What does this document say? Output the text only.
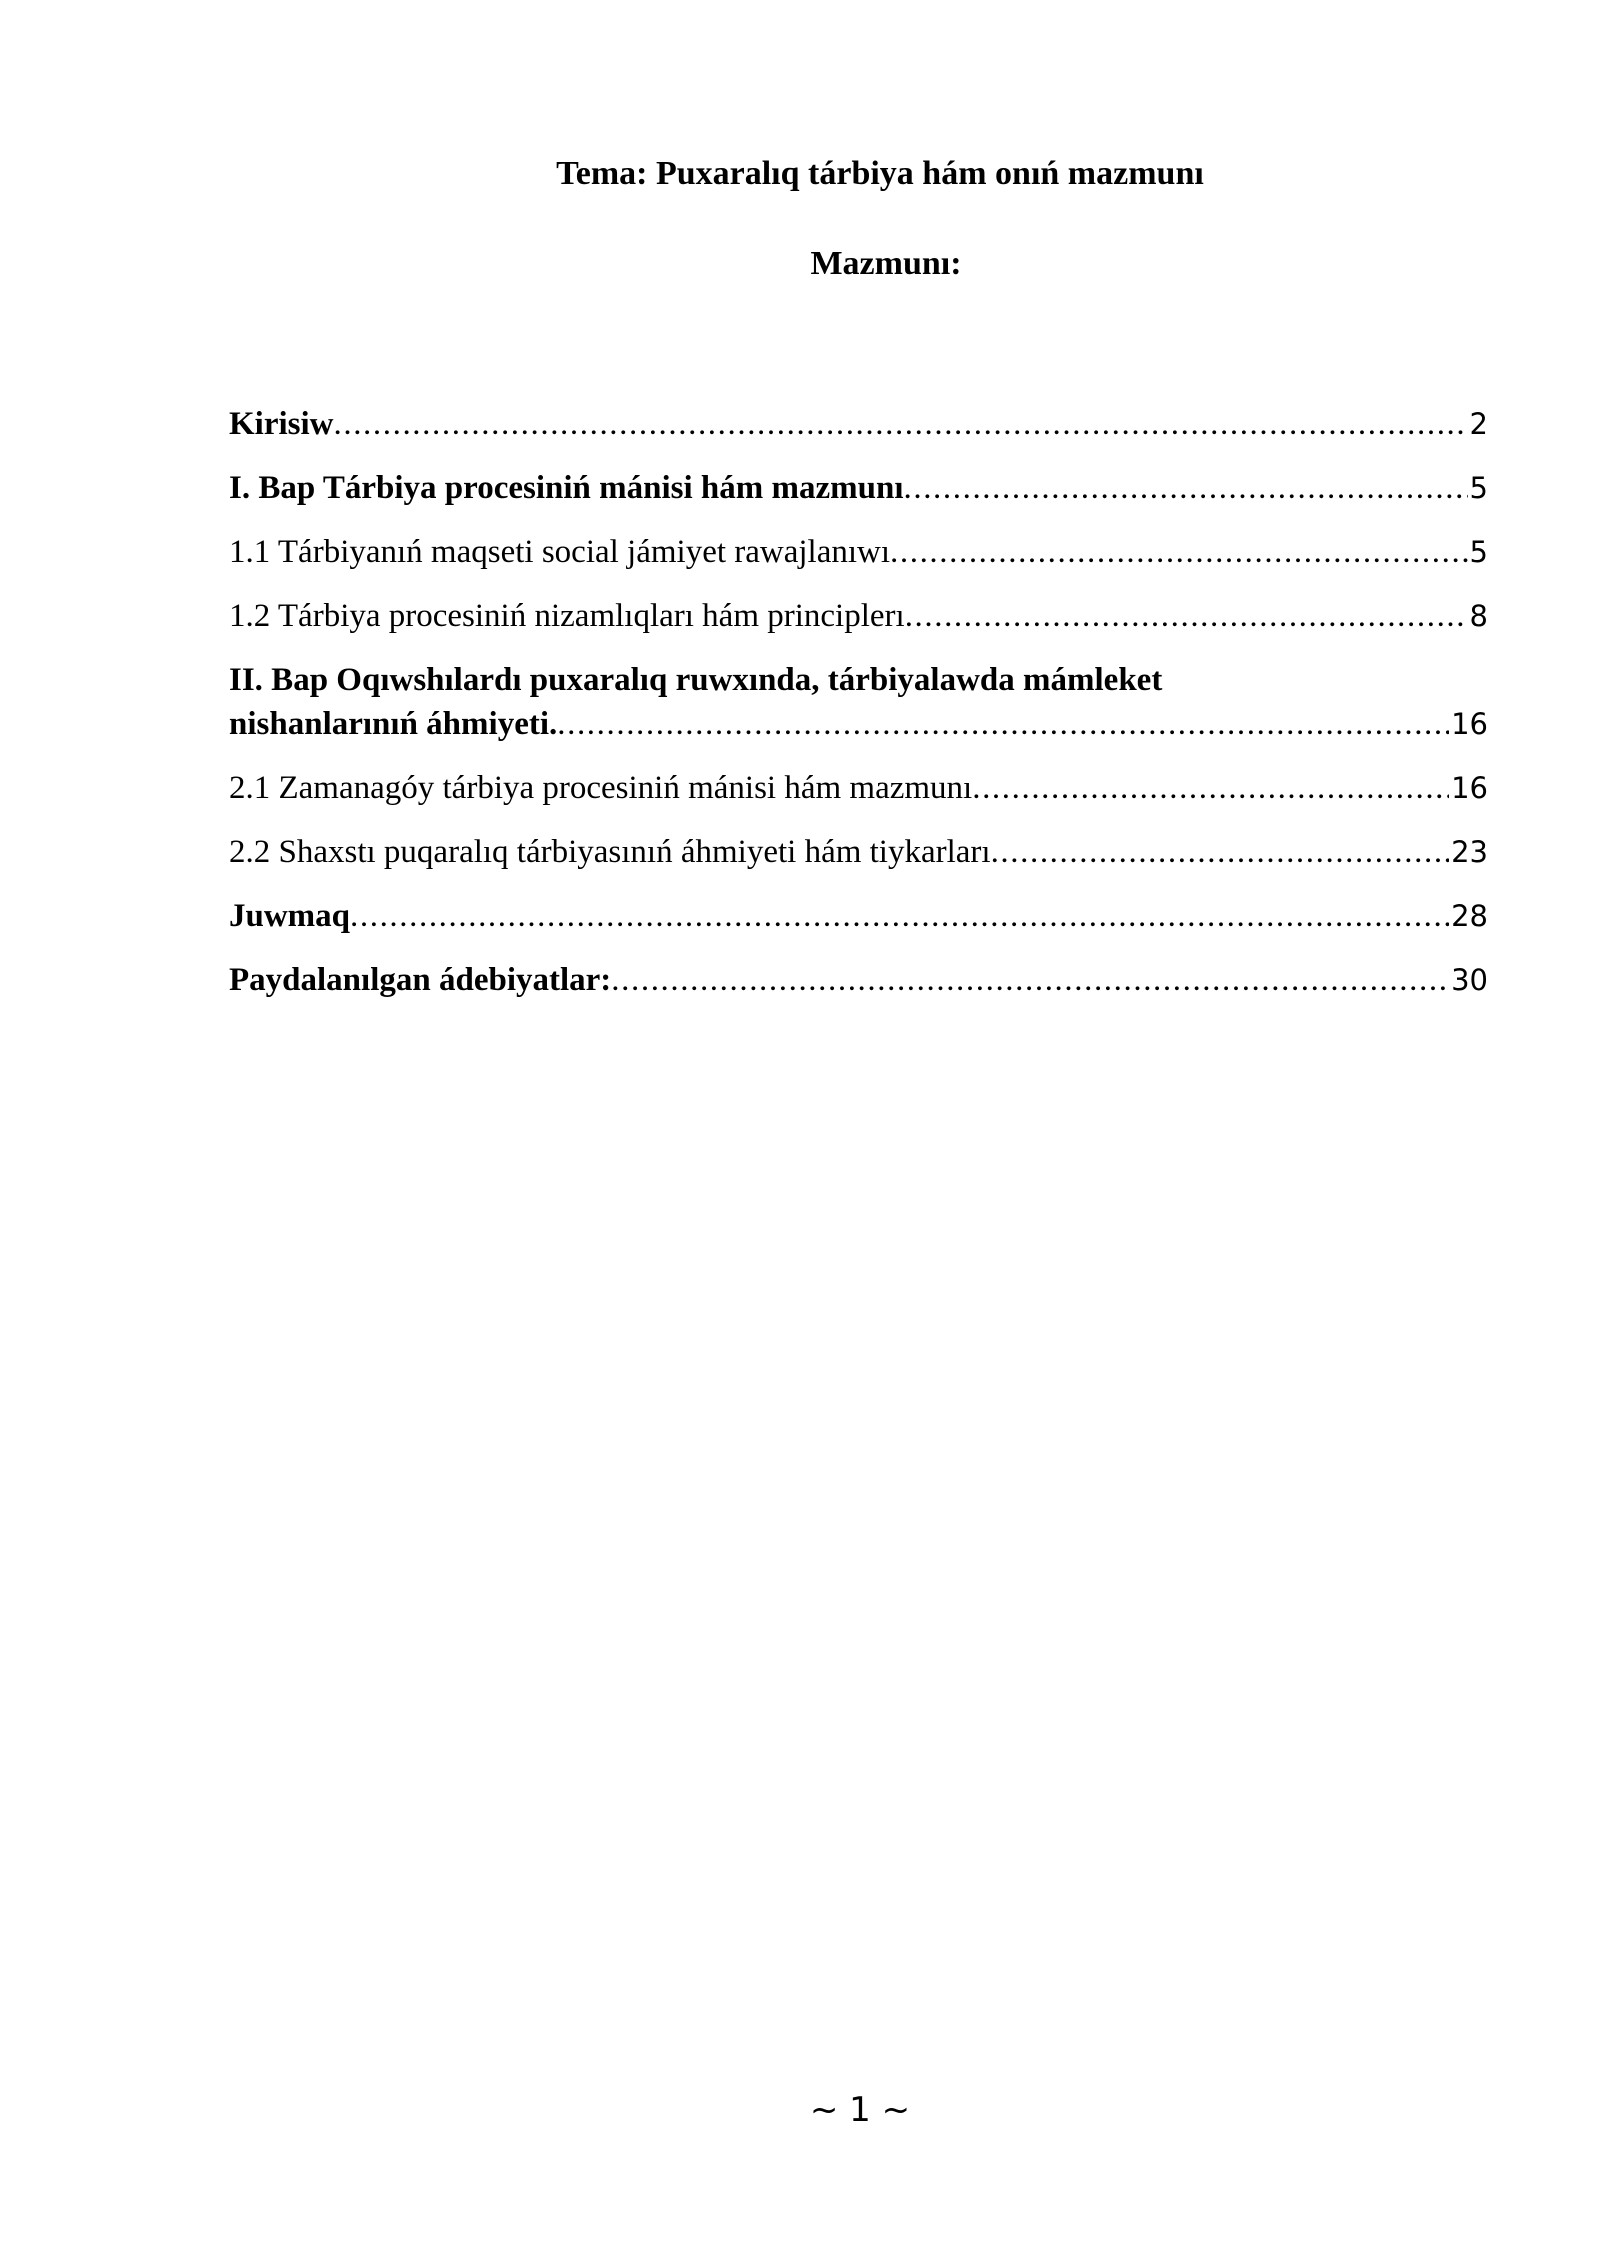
Tema: Puxaralıq tárbiya hám onıń mazmunı
Mazmunı:
Kirisiw .....	2
I. Bap Tárbiya procesiniń mánisi hám mazmunı .....	5
1.1 Tárbiyanıń maqseti social jámiyet rawajlanıwı .....	5
1.2 Tárbiya procesiniń nizamlıqları hám principlerı .....	8
II. Bap Oqıwshılardı puxaralıq ruwxında, tárbiyalawda mámleket
nishanlarınıń áhmiyeti. .....	16
2.1 Zamanagóy tárbiya procesiniń mánisi hám mazmunı .....	16
2.2 Shaxstı puqaralıq tárbiyasınıń áhmiyeti hám tiykarları .....	23
Juwmaq .....	28
Paydalanılgan ádebiyatlar: .....	30
~ 1 ~
